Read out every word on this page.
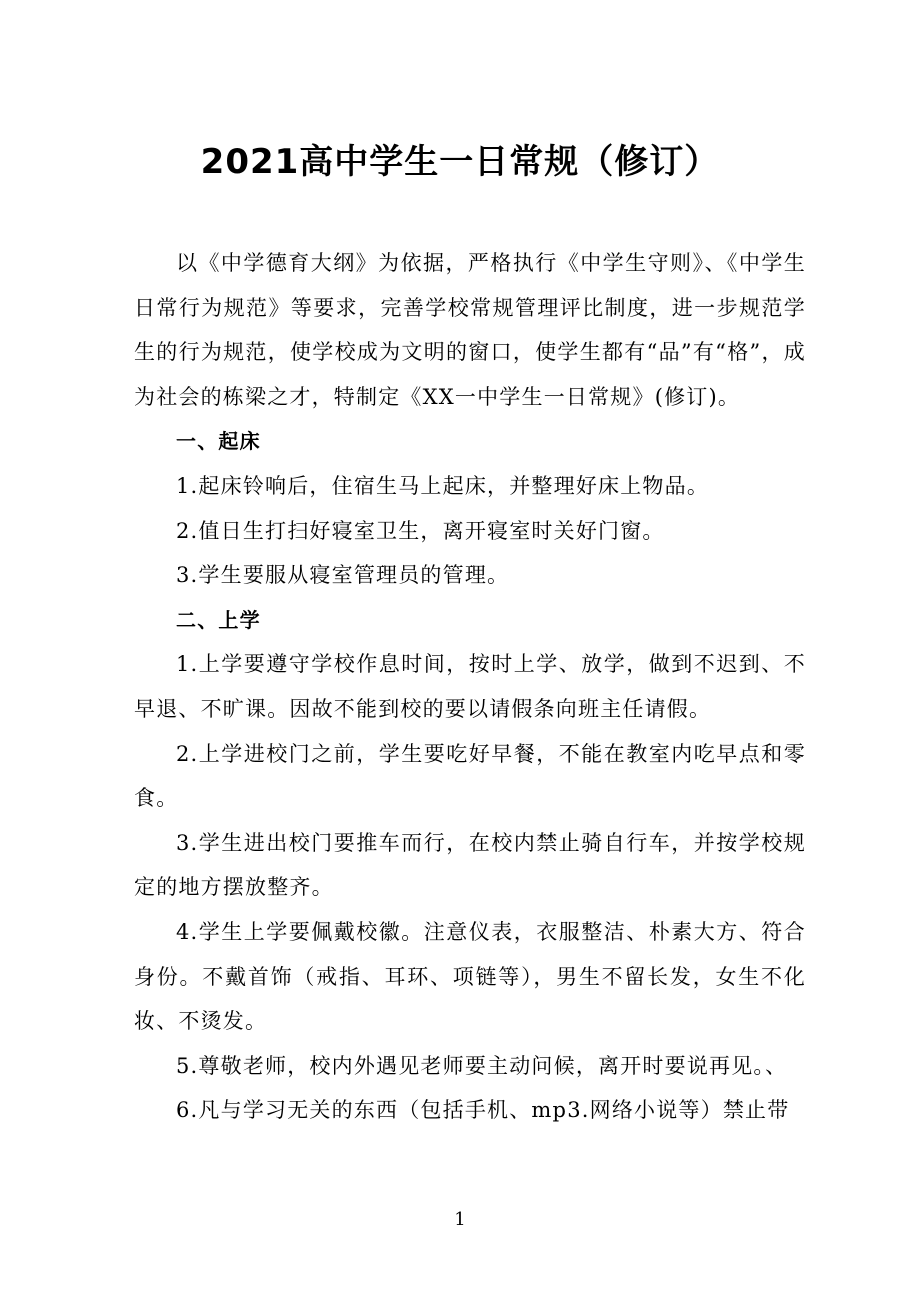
2021高中学生一日常规（修订）

以《中学德育大纲》为依据，严格执行《中学生守则》、《中学生日常行为规范》等要求，完善学校常规管理评比制度，进一步规范学生的行为规范，使学校成为文明的窗口，使学生都有“品”有“格”，成为社会的栋梁之才，特制定《XX一中学生一日常规》(修订)。

一、起床

1.起床铃响后，住宿生马上起床，并整理好床上物品。

2.值日生打扫好寝室卫生，离开寝室时关好门窗。

3.学生要服从寝室管理员的管理。

二、上学

1.上学要遵守学校作息时间，按时上学、放学，做到不迟到、不早退、不旷课。因故不能到校的要以请假条向班主任请假。

2.上学进校门之前，学生要吃好早餐，不能在教室内吃早点和零食。

3.学生进出校门要推车而行，在校内禁止骑自行车，并按学校规定的地方摆放整齐。

4.学生上学要佩戴校徽。注意仪表，衣服整洁、朴素大方、符合身份。不戴首饰（戒指、耳环、项链等），男生不留长发，女生不化妆、不烫发。

5.尊敬老师，校内外遇见老师要主动问候，离开时要说再见。、

6.凡与学习无关的东西（包括手机、mp3.网络小说等）禁止带

1
